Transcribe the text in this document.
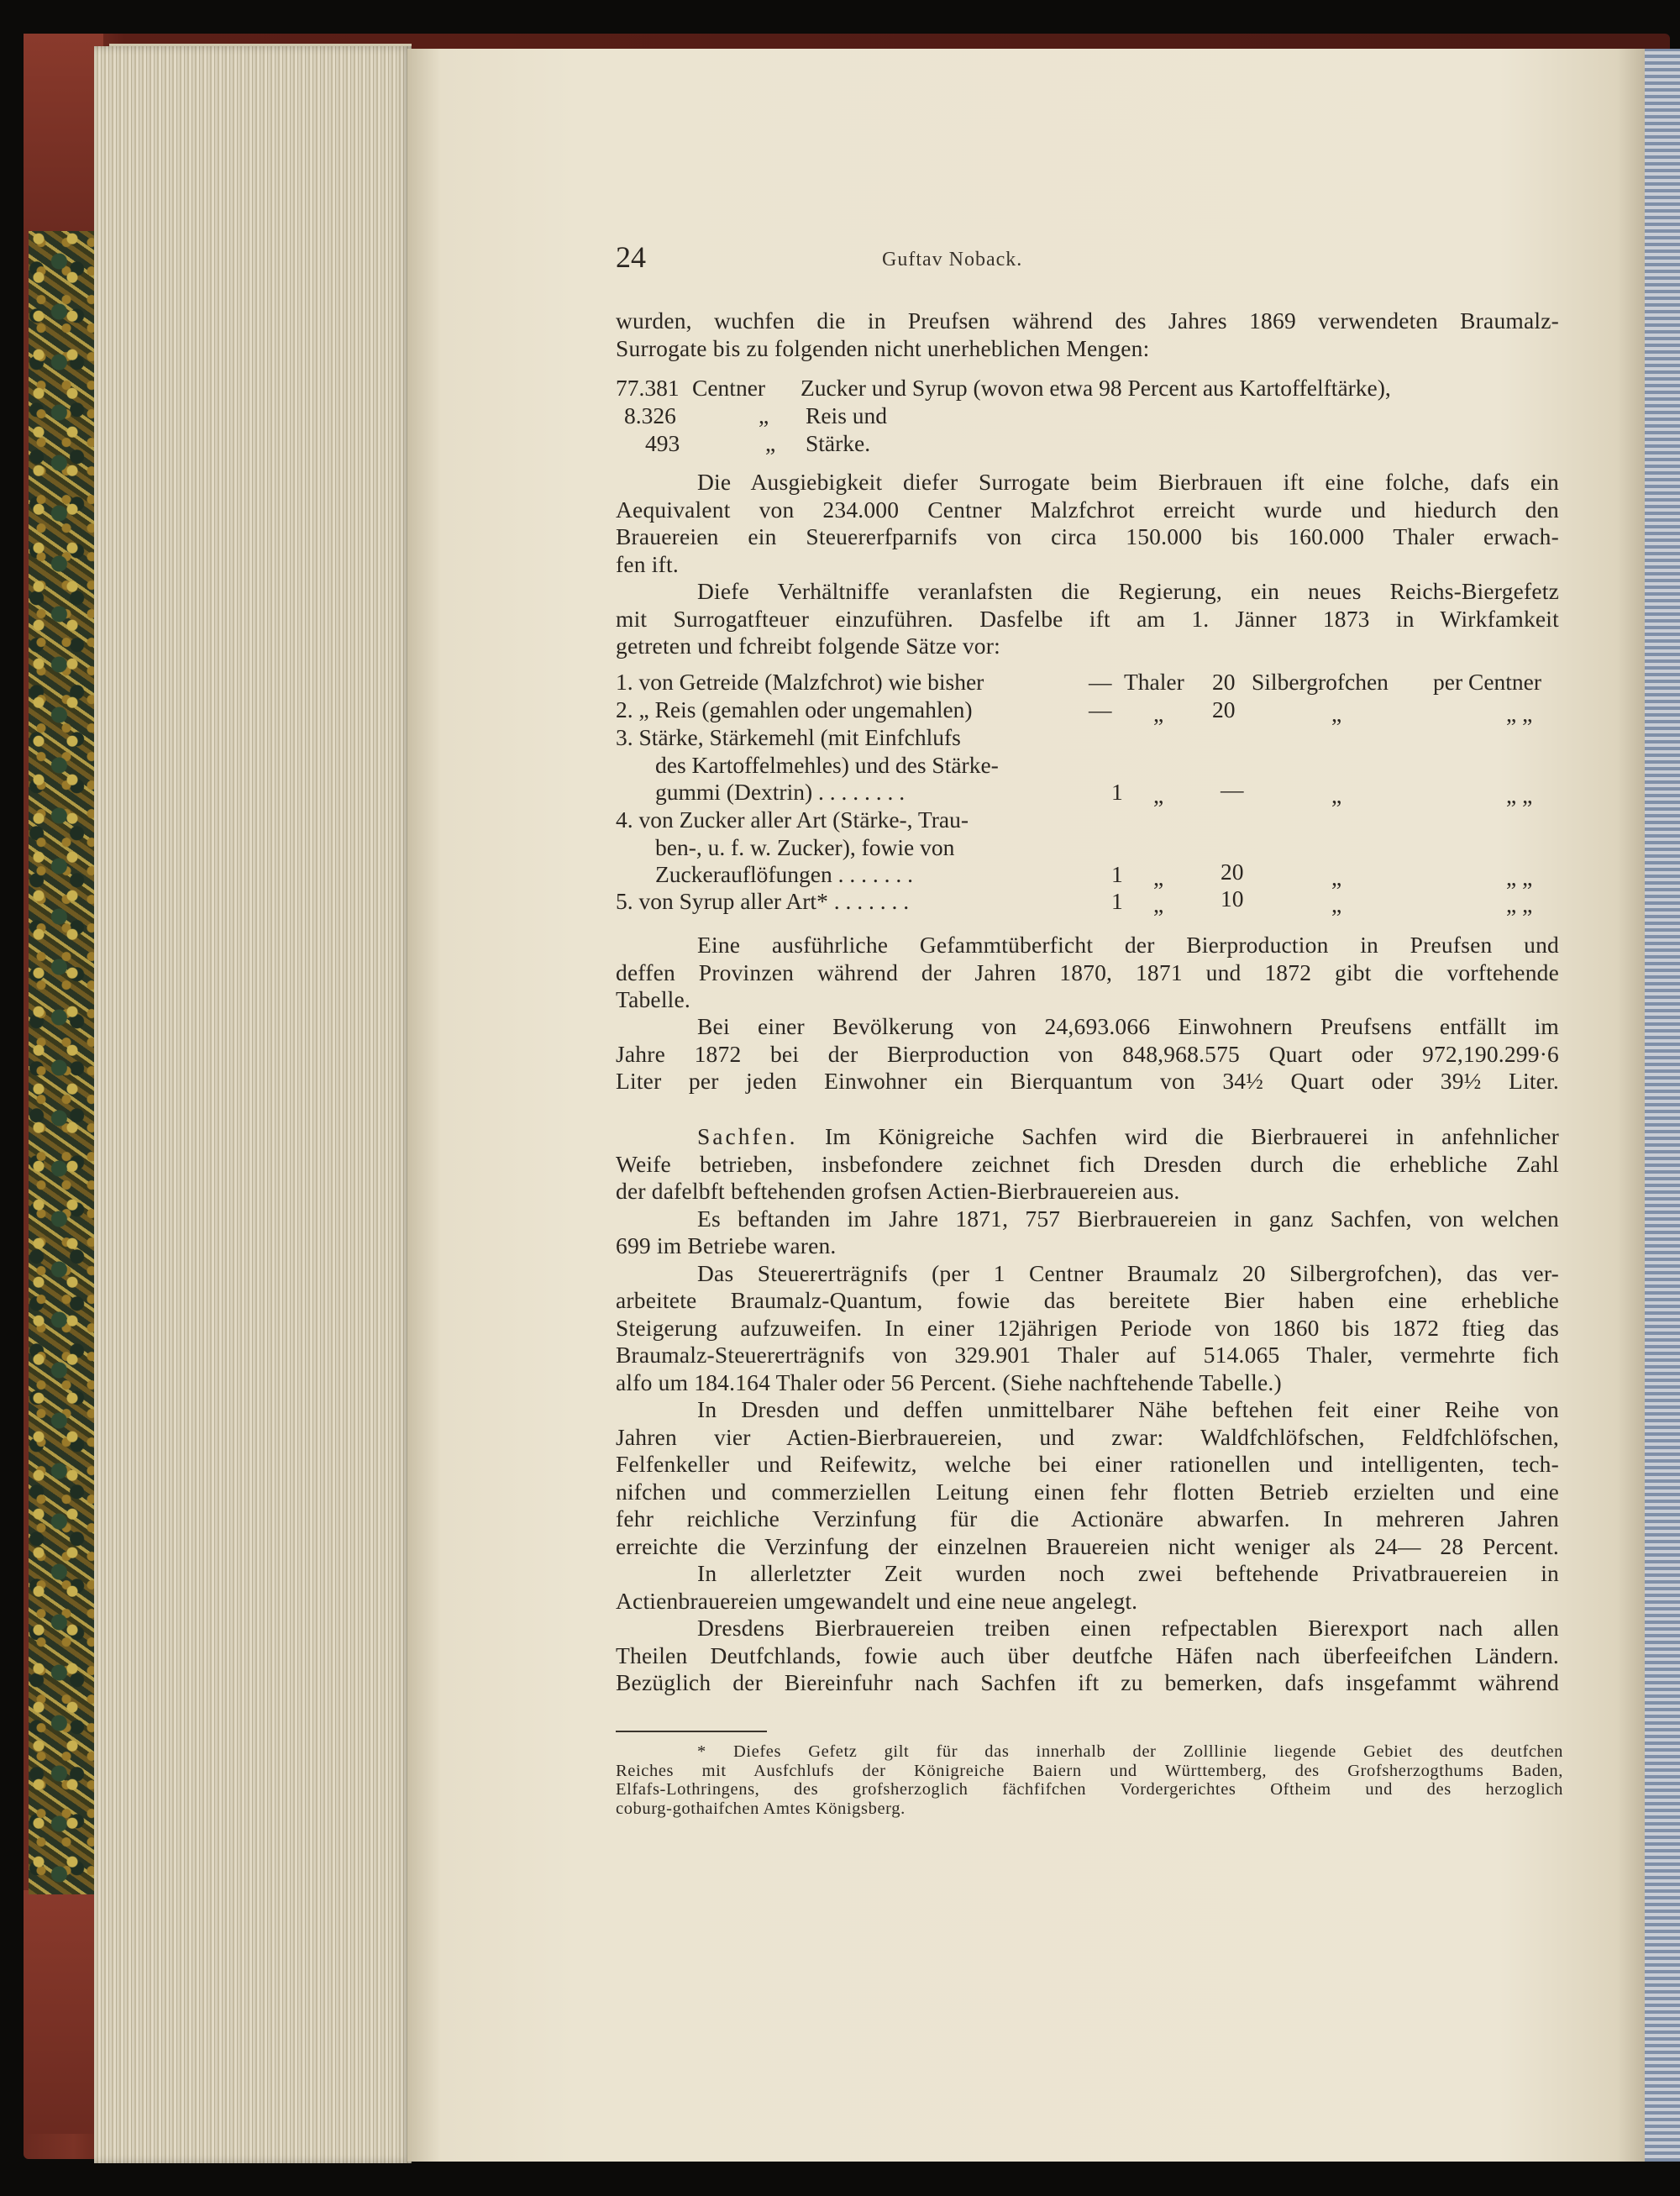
24	Guftav Noback.
wurden, wuchfen die in Preufsen während des Jahres 1869 verwendeten Braumalz-
Surrogate bis zu folgenden nicht unerheblichen Mengen:
77.381 Centner Zucker und Syrup (wovon etwa 98 Percent aus Kartoffelftärke),
8.326	„ Reis und
493	„ Stärke.
Die Ausgiebigkeit diefer Surrogate beim Bierbrauen ift eine folche, dafs ein
Aequivalent von 234.000 Centner Malzfchrot erreicht wurde und hiedurch den
Brauereien ein Steuererfparnifs von circa 150.000 bis 160.000 Thaler erwach-
fen ift.
Diefe Verhältniffe veranlafsten die Regierung, ein neues Reichs-Biergefetz
mit Surrogatfteuer einzuführen. Dasfelbe ift am 1. Jänner 1873 in Wirkfamkeit
getreten und fchreibt folgende Sätze vor:
1. von Getreide (Malzfchrot) wie bisher	— Thaler 20 Silbergrofchen per Centner
2. „ Reis (gemahlen oder ungemahlen)	— „ 20	„	„ „
3. Stärke, Stärkemehl (mit Einfchlufs
des Kartoffelmehles) und des Stärke-
gummi (Dextrin) . . . . . . . .	1 „ —	„	„ „
4. von Zucker aller Art (Stärke-, Trau-
ben-, u. f. w. Zucker), fowie von
Zuckerauflöfungen . . . . . . .	1 „ 20	„	„ „
5. von Syrup aller Art* . . . . . . .	1 „ 10	„	„ „
Eine ausführliche Gefammtüberficht der Bierproduction in Preufsen und
deffen Provinzen während der Jahren 1870, 1871 und 1872 gibt die vorftehende
Tabelle.
Bei einer Bevölkerung von 24,693.066 Einwohnern Preufsens entfällt im
Jahre 1872 bei der Bierproduction von 848,968.575 Quart oder 972,190.299·6
Liter per jeden Einwohner ein Bierquantum von 34½ Quart oder 39½ Liter.
Sachfen. Im Königreiche Sachfen wird die Bierbrauerei in anfehnlicher
Weife betrieben, insbefondere zeichnet fich Dresden durch die erhebliche Zahl
der dafelbft beftehenden grofsen Actien-Bierbrauereien aus.
Es beftanden im Jahre 1871, 757 Bierbrauereien in ganz Sachfen, von welchen
699 im Betriebe waren.
Das Steuererträgnifs (per 1 Centner Braumalz 20 Silbergrofchen), das ver-
arbeitete Braumalz-Quantum, fowie das bereitete Bier haben eine erhebliche
Steigerung aufzuweifen. In einer 12jährigen Periode von 1860 bis 1872 ftieg das
Braumalz-Steuererträgnifs von 329.901 Thaler auf 514.065 Thaler, vermehrte fich
alfo um 184.164 Thaler oder 56 Percent. (Siehe nachftehende Tabelle.)
In Dresden und deffen unmittelbarer Nähe beftehen feit einer Reihe von
Jahren vier Actien-Bierbrauereien, und zwar: Waldfchlöfschen, Feldfchlöfschen,
Felfenkeller und Reifewitz, welche bei einer rationellen und intelligenten, tech-
nifchen und commerziellen Leitung einen fehr flotten Betrieb erzielten und eine
fehr reichliche Verzinfung für die Actionäre abwarfen. In mehreren Jahren
erreichte die Verzinfung der einzelnen Brauereien nicht weniger als 24— 28 Percent.
In allerletzter Zeit wurden noch zwei beftehende Privatbrauereien in
Actienbrauereien umgewandelt und eine neue angelegt.
Dresdens Bierbrauereien treiben einen refpectablen Bierexport nach allen
Theilen Deutfchlands, fowie auch über deutfche Häfen nach überfeeifchen Ländern.
Bezüglich der Biereinfuhr nach Sachfen ift zu bemerken, dafs insgefammt während
* Diefes Gefetz gilt für das innerhalb der Zolllinie liegende Gebiet des deutfchen
Reiches mit Ausfchlufs der Königreiche Baiern und Württemberg, des Grofsherzogthums Baden,
Elfafs-Lothringens, des grofsherzoglich fächfifchen Vordergerichtes Oftheim und des herzoglich
coburg-gothaifchen Amtes Königsberg.
